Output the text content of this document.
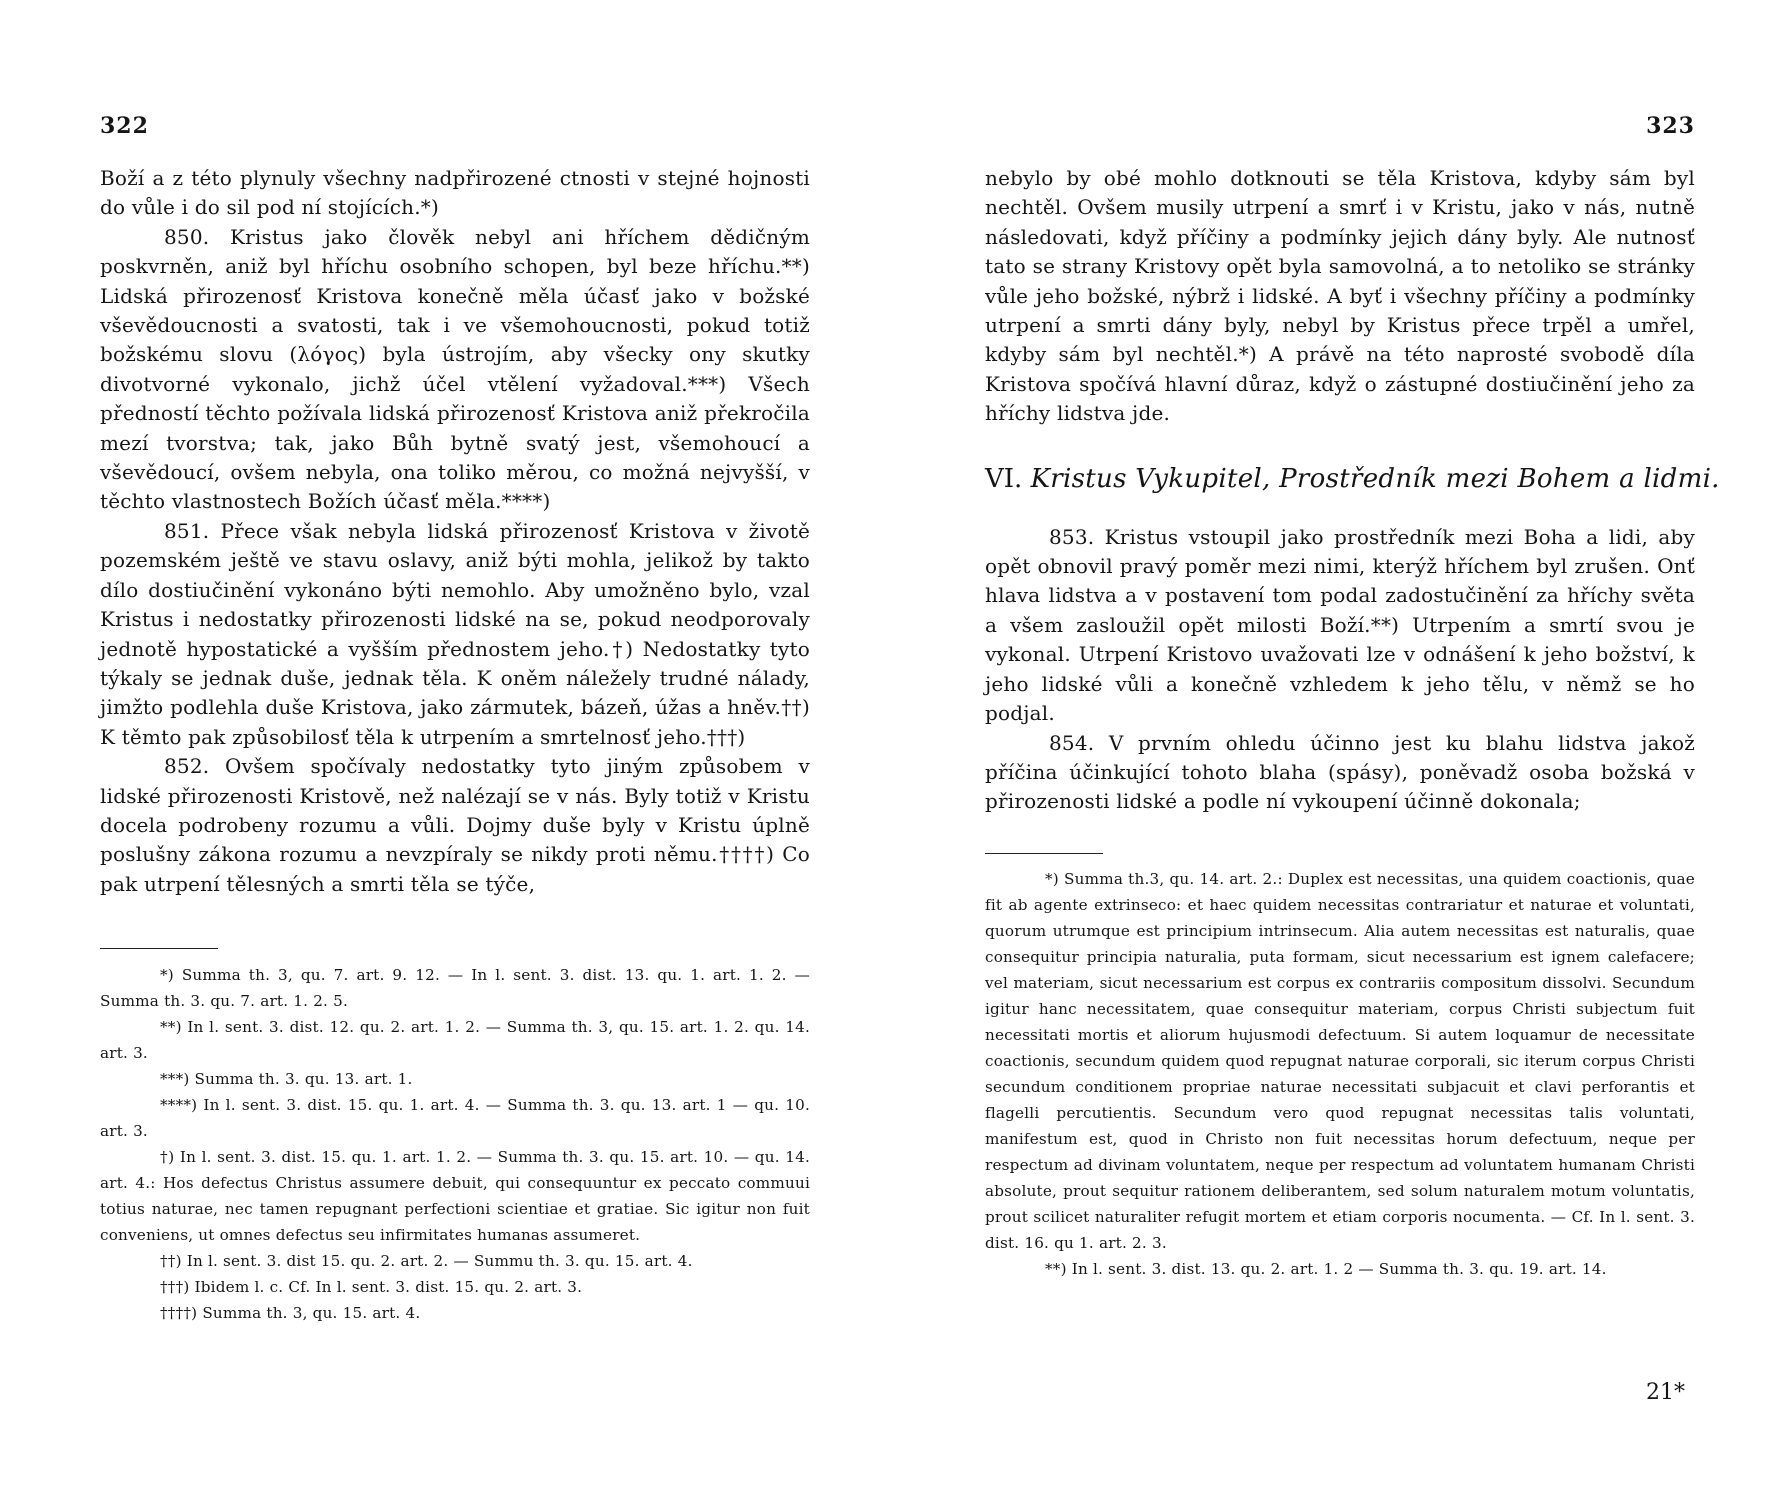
322

Boží a z této plynuly všechny nadpřirozené ctnosti v stejné hojnosti do vůle i do sil pod ní stojících.*)

850. Kristus jako člověk nebyl ani hříchem dědičným poskvrněn, aniž byl hříchu osobního schopen, byl beze hříchu.**) Lidská přirozenosť Kristova konečně měla účasť jako v božské vševědoucnosti a svatosti, tak i ve všemohoucnosti, pokud totiž božskému slovu (λόγος) byla ústrojím, aby všecky ony skutky divotvorné vykonalo, jichž účel vtělení vyžadoval.***) Všech předností těchto požívala lidská přirozenosť Kristova aniž překročila mezí tvorstva; tak, jako Bůh bytně svatý jest, všemohoucí a vševědoucí, ovšem nebyla, ona toliko měrou, co možná nejvyšší, v těchto vlastnostech Božích účasť měla.****)

851. Přece však nebyla lidská přirozenosť Kristova v životě pozemském ještě ve stavu oslavy, aniž býti mohla, jelikož by takto dílo dostiučinění vykonáno býti nemohlo. Aby umožněno bylo, vzal Kristus i nedostatky přirozenosti lidské na se, pokud neodporovaly jednotě hypostatické a vyšším přednostem jeho.†) Nedostatky tyto týkaly se jednak duše, jednak těla. K oněm náležely trudné nálady, jimžto podlehla duše Kristova, jako zármutek, bázeň, úžas a hněv.††) K těmto pak způsobilosť těla k utrpením a smrtelnosť jeho.†††)

852. Ovšem spočívaly nedostatky tyto jiným způsobem v lidské přirozenosti Kristově, než nalézají se v nás. Byly totiž v Kristu docela podrobeny rozumu a vůli. Dojmy duše byly v Kristu úplně poslušny zákona rozumu a nevzpíraly se nikdy proti němu.††††) Co pak utrpení tělesných a smrti těla se týče,

*) Summa th. 3, qu. 7. art. 9. 12. — In l. sent. 3. dist. 13. qu. 1. art. 1. 2. — Summa th. 3. qu. 7. art. 1. 2. 5.

**) In l. sent. 3. dist. 12. qu. 2. art. 1. 2. — Summa th. 3, qu. 15. art. 1. 2. qu. 14. art. 3.

***) Summa th. 3. qu. 13. art. 1.

****) In l. sent. 3. dist. 15. qu. 1. art. 4. — Summa th. 3. qu. 13. art. 1 — qu. 10. art. 3.

†) In l. sent. 3. dist. 15. qu. 1. art. 1. 2. — Summa th. 3. qu. 15. art. 10. — qu. 14. art. 4.: Hos defectus Christus assumere debuit, qui consequuntur ex peccato commuui totius naturae, nec tamen repugnant perfectioni scientiae et gratiae. Sic igitur non fuit conveniens, ut omnes defectus seu infirmitates humanas assumeret.

††) In l. sent. 3. dist 15. qu. 2. art. 2. — Summu th. 3. qu. 15. art. 4.

†††) Ibidem l. c. Cf. In l. sent. 3. dist. 15. qu. 2. art. 3.

††††) Summa th. 3, qu. 15. art. 4.

323

nebylo by obé mohlo dotknouti se těla Kristova, kdyby sám byl nechtěl. Ovšem musily utrpení a smrť i v Kristu, jako v nás, nutně následovati, když příčiny a podmínky jejich dány byly. Ale nutnosť tato se strany Kristovy opět byla samovolná, a to netoliko se stránky vůle jeho božské, nýbrž i lidské. A byť i všechny příčiny a podmínky utrpení a smrti dány byly, nebyl by Kristus přece trpěl a umřel, kdyby sám byl nechtěl.*) A právě na této naprosté svobodě díla Kristova spočívá hlavní důraz, když o zástupné dostiučinění jeho za hříchy lidstva jde.

VI. Kristus Vykupitel, Prostředník mezi Bohem a lidmi.

853. Kristus vstoupil jako prostředník mezi Boha a lidi, aby opět obnovil pravý poměr mezi nimi, kterýž hříchem byl zrušen. Onť hlava lidstva a v postavení tom podal zadostučinění za hříchy světa a všem zasloužil opět milosti Boží.**) Utrpením a smrtí svou je vykonal. Utrpení Kristovo uvažovati lze v odnášení k jeho božství, k jeho lidské vůli a konečně vzhledem k jeho tělu, v němž se ho podjal.

854. V prvním ohledu účinno jest ku blahu lidstva jakož příčina účinkující tohoto blaha (spásy), poněvadž osoba božská v přirozenosti lidské a podle ní vykoupení účinně dokonala;

*) Summa th.3, qu. 14. art. 2.: Duplex est necessitas, una quidem coactionis, quae fit ab agente extrinseco: et haec quidem necessitas contrariatur et naturae et voluntati, quorum utrumque est principium intrinsecum. Alia autem necessitas est naturalis, quae consequitur principia naturalia, puta formam, sicut necessarium est ignem calefacere; vel materiam, sicut necessarium est corpus ex contrariis compositum dissolvi. Secundum igitur hanc necessitatem, quae consequitur materiam, corpus Christi subjectum fuit necessitati mortis et aliorum hujusmodi defectuum. Si autem loquamur de necessitate coactionis, secundum quidem quod repugnat naturae corporali, sic iterum corpus Christi secundum conditionem propriae naturae necessitati subjacuit et clavi perforantis et flagelli percutientis. Secundum vero quod repugnat necessitas talis voluntati, manifestum est, quod in Christo non fuit necessitas horum defectuum, neque per respectum ad divinam voluntatem, neque per respectum ad voluntatem humanam Christi absolute, prout sequitur rationem deliberantem, sed solum naturalem motum voluntatis, prout scilicet naturaliter refugit mortem et etiam corporis nocumenta. — Cf. In l. sent. 3. dist. 16. qu 1. art. 2. 3.

**) In l. sent. 3. dist. 13. qu. 2. art. 1. 2 — Summa th. 3. qu. 19. art. 14.

21*
